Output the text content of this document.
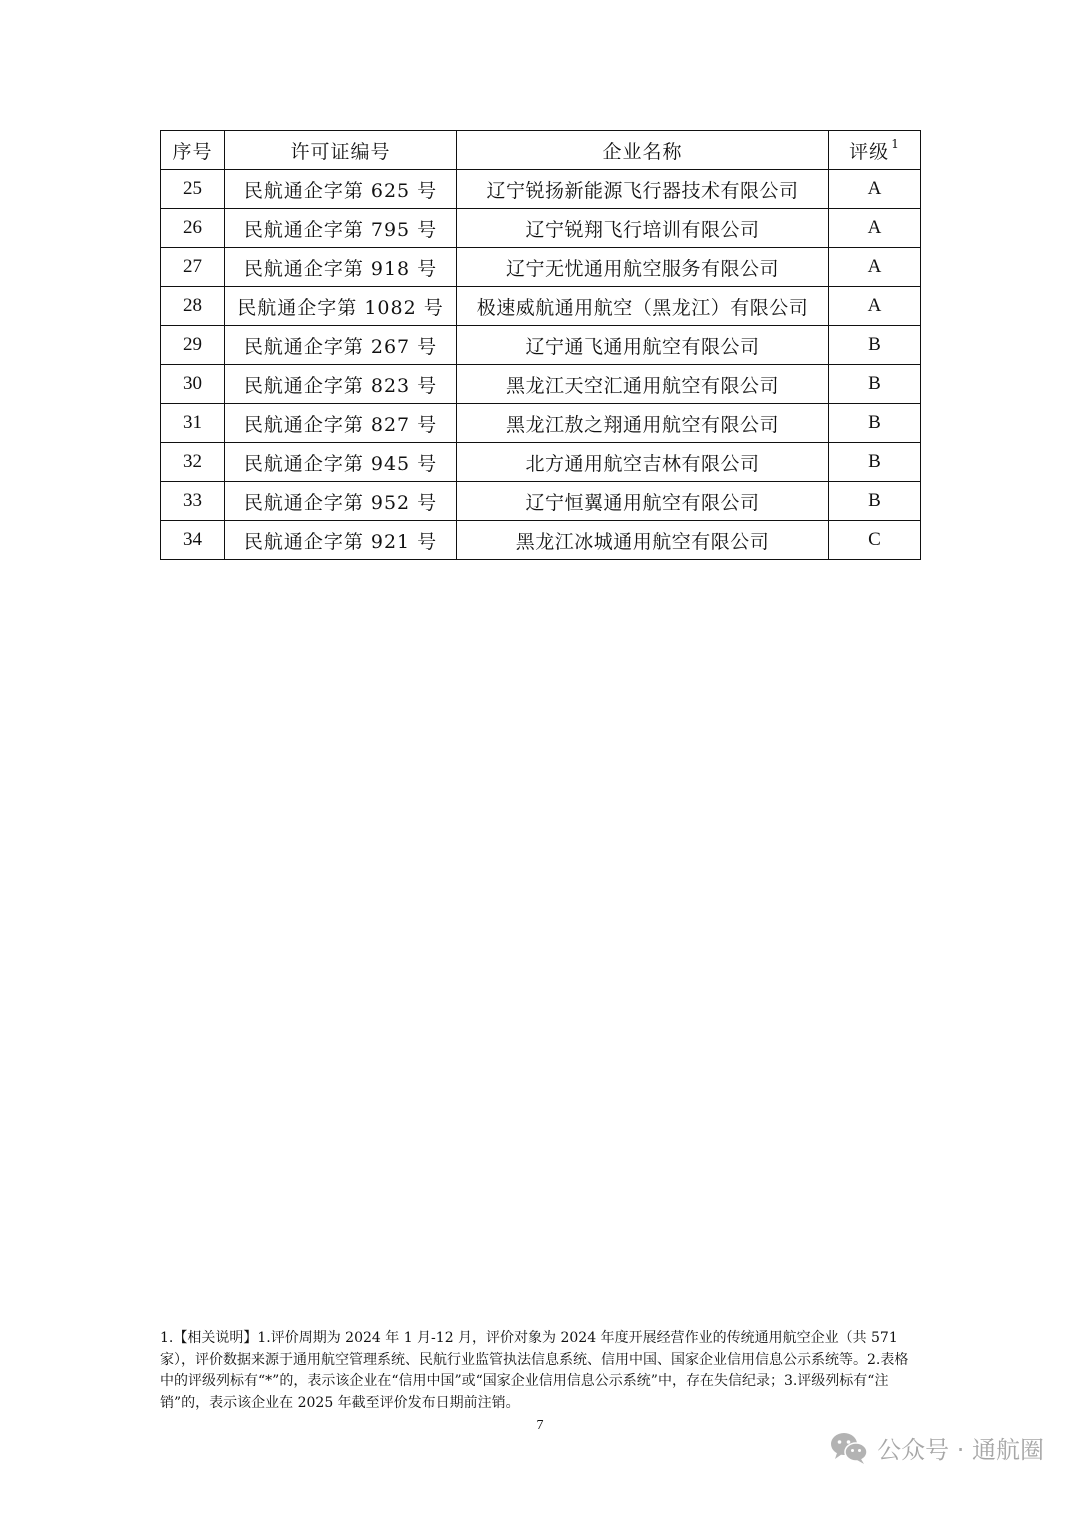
序号	许可证编号	企业名称	评级 $^1$
25	民航通企字第 625 号	辽宁锐扬新能源飞行器技术有限公司	A
26	民航通企字第 795 号	辽宁锐翔飞行培训有限公司	A
27	民航通企字第 918 号	辽宁无忧通用航空服务有限公司	A
28	民航通企字第 1082 号	极速威航通用航空（黑龙江）有限公司	A
29	民航通企字第 267 号	辽宁通飞通用航空有限公司	B
30	民航通企字第 823 号	黑龙江天空汇通用航空有限公司	B
31	民航通企字第 827 号	黑龙江敖之翔通用航空有限公司	B
32	民航通企字第 945 号	北方通用航空吉林有限公司	B
33	民航通企字第 952 号	辽宁恒翼通用航空有限公司	B
34	民航通企字第 921 号	黑龙江冰城通用航空有限公司	C
1.【相关说明】1.评价周期为 2024 年 1 月-12 月，评价对象为 2024 年度开展经营作业的传统通用航空企业（共 571 家），评价数据来源于通用航空管理系统、民航行业监管执法信息系统、信用中国、国家企业信用信息公示系统等。2.表格中的评级列标有“*”的，表示该企业在“信用中国”或“国家企业信用信息公示系统”中，存在失信纪录；3.评级列标有“注销”的，表示该企业在 2025 年截至评价发布日期前注销。
7
公众号 · 通航圈
